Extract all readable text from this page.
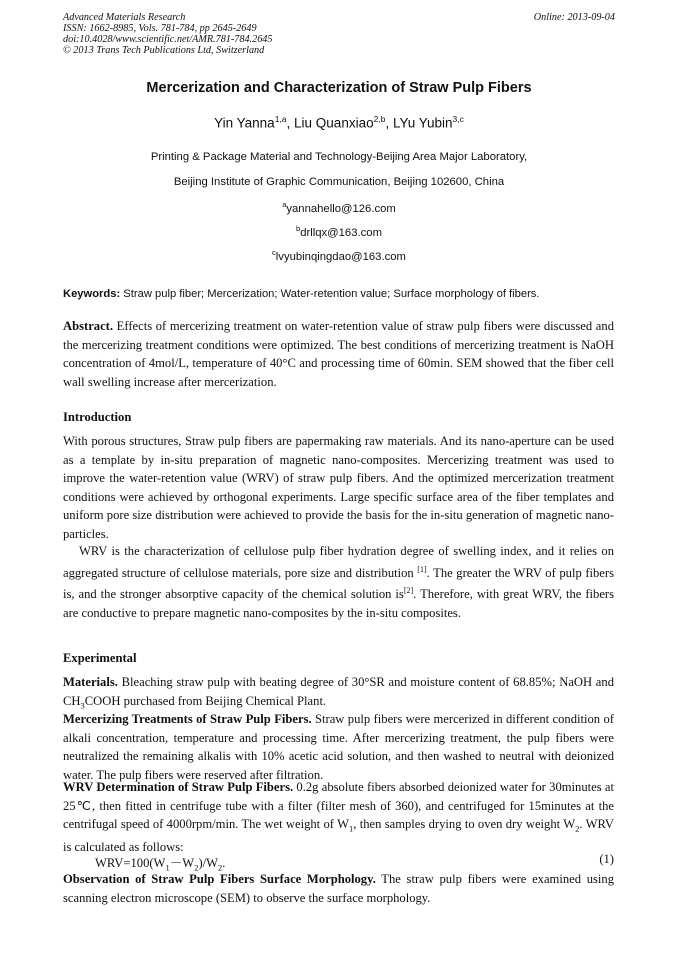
Advanced Materials Research
ISSN: 1662-8985, Vols. 781-784, pp 2645-2649
doi:10.4028/www.scientific.net/AMR.781-784.2645
© 2013 Trans Tech Publications Ltd, Switzerland
Online: 2013-09-04
Mercerization and Characterization of Straw Pulp Fibers
Yin Yanna$^{1,a}$, Liu Quanxiao$^{2,b}$, LYu Yubin$^{3,c}$
Printing & Package Material and Technology-Beijing Area Major Laboratory,
Beijing Institute of Graphic Communication, Beijing 102600, China
$^a$yannahello@126.com
$^b$drllqx@163.com
$^c$lvyubinqingdao@163.com
Keywords: Straw pulp fiber; Mercerization; Water-retention value; Surface morphology of fibers.
Abstract. Effects of mercerizing treatment on water-retention value of straw pulp fibers were discussed and the mercerizing treatment conditions were optimized. The best conditions of mercerizing treatment is NaOH concentration of 4mol/L, temperature of 40°C and processing time of 60min. SEM showed that the fiber cell wall swelling increase after mercerization.
Introduction
With porous structures, Straw pulp fibers are papermaking raw materials. And its nano-aperture can be used as a template by in-situ preparation of magnetic nano-composites. Mercerizing treatment was used to improve the water-retention value (WRV) of straw pulp fibers. And the optimized mercerization treatment conditions were achieved by orthogonal experiments. Large specific surface area of the fiber templates and uniform pore size distribution were achieved to provide the basis for the in-situ generation of magnetic nano-particles.
WRV is the characterization of cellulose pulp fiber hydration degree of swelling index, and it relies on aggregated structure of cellulose materials, pore size and distribution [1]. The greater the WRV of pulp fibers is, and the stronger absorptive capacity of the chemical solution is[2]. Therefore, with great WRV, the fibers are conductive to prepare magnetic nano-composites by the in-situ composites.
Experimental
Materials. Bleaching straw pulp with beating degree of 30°SR and moisture content of 68.85%; NaOH and $CH_3COOH$ purchased from Beijing Chemical Plant.
Mercerizing Treatments of Straw Pulp Fibers. Straw pulp fibers were mercerized in different condition of alkali concentration, temperature and processing time. After mercerizing treatment, the pulp fibers were neutralized the remaining alkalis with 10% acetic acid solution, and then washed to neutral with deionized water. The pulp fibers were reserved after filtration.
WRV Determination of Straw Pulp Fibers. 0.2g absolute fibers absorbed deionized water for 30minutes at 25℃, then fitted in centrifuge tube with a filter (filter mesh of 360), and centrifuged for 15minutes at the centrifugal speed of 4000rpm/min. The wet weight of $W_1$, then samples drying to oven dry weight $W_2$. WRV is calculated as follows:
$WRV=100(W_1-W_2)/W_2$.	(1)
Observation of Straw Pulp Fibers Surface Morphology. The straw pulp fibers were examined using scanning electron microscope (SEM) to observe the surface morphology.
